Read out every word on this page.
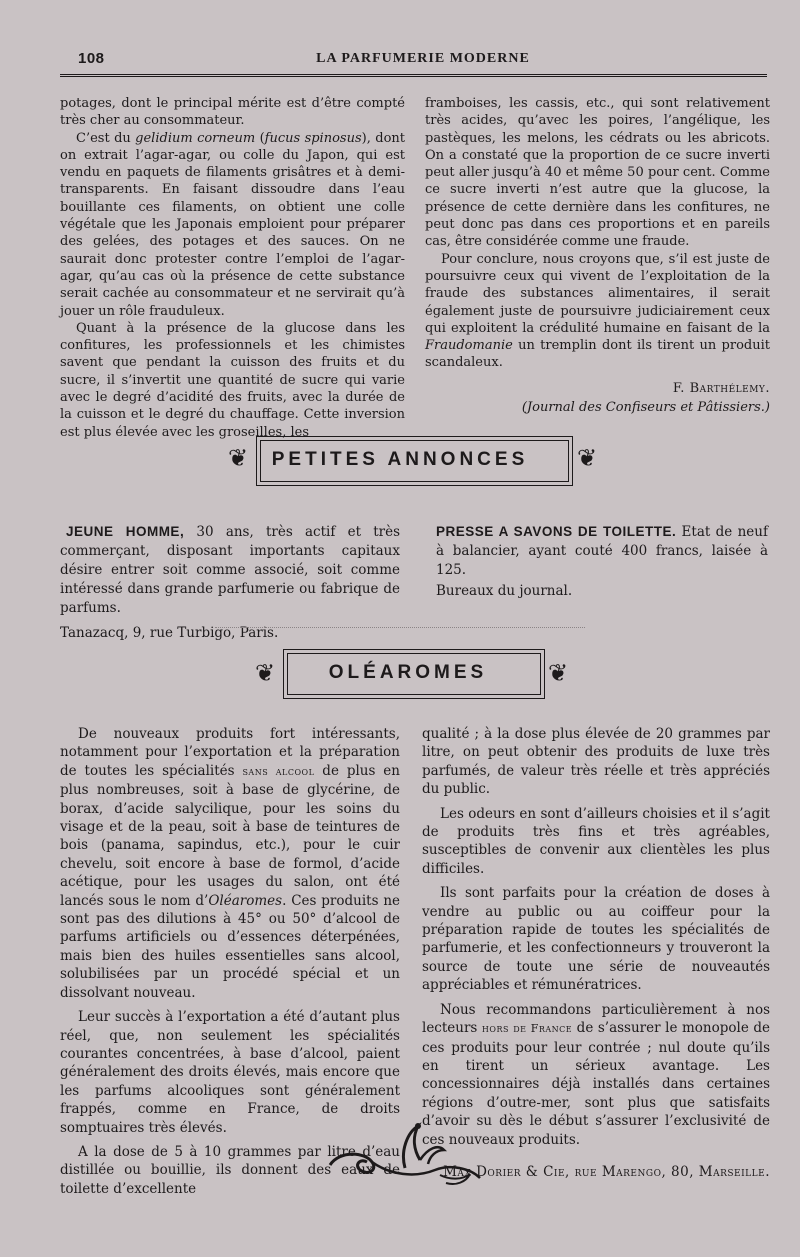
108	LA PARFUMERIE MODERNE

potages, dont le principal mérite est d’être compté très cher au consommateur.

C’est du gelidium corneum (fucus spinosus), dont on extrait l’agar-agar, ou colle du Japon, qui est vendu en paquets de filaments grisâtres et à demi-transparents. En faisant dissoudre dans l’eau bouillante ces filaments, on obtient une colle végétale que les Japonais emploient pour préparer des gelées, des potages et des sauces. On ne saurait donc protester contre l’emploi de l’agar-agar, qu’au cas où la présence de cette substance serait cachée au consommateur et ne servirait qu’à jouer un rôle frauduleux.

Quant à la présence de la glucose dans les confitures, les professionnels et les chimistes savent que pendant la cuisson des fruits et du sucre, il s’invertit une quantité de sucre qui varie avec le degré d’acidité des fruits, avec la durée de la cuisson et le degré du chauffage. Cette inversion est plus élevée avec les groseilles, les

framboises, les cassis, etc., qui sont relativement très acides, qu’avec les poires, l’angélique, les pastèques, les melons, les cédrats ou les abricots. On a constaté que la proportion de ce sucre inverti peut aller jusqu’à 40 et même 50 pour cent. Comme ce sucre inverti n’est autre que la glucose, la présence de cette dernière dans les confitures, ne peut donc pas dans ces proportions et en pareils cas, être considérée comme une fraude.

Pour conclure, nous croyons que, s’il est juste de poursuivre ceux qui vivent de l’exploitation de la fraude des substances alimentaires, il serait également juste de poursuivre judiciairement ceux qui exploitent la crédulité humaine en faisant de la Fraudomanie un tremplin dont ils tirent un produit scandaleux.

F. Barthélemy.

(Journal des Confiseurs et Pâtissiers.)

❦	PETITES ANNONCES	❦

JEUNE HOMME, 30 ans, très actif et très commerçant, disposant importants capitaux désire entrer soit comme associé, soit comme intéressé dans grande parfumerie ou fabrique de parfums.

Tanazacq, 9, rue Turbigo, Paris.

PRESSE A SAVONS DE TOILETTE. Etat de neuf à balancier, ayant couté 400 francs, laisée à 125.

Bureaux du journal.

❦	OLÉAROMES	❦

De nouveaux produits fort intéressants, notamment pour l’exportation et la préparation de toutes les spécialités sans alcool de plus en plus nombreuses, soit à base de glycérine, de borax, d’acide salycilique, pour les soins du visage et de la peau, soit à base de teintures de bois (panama, sapindus, etc.), pour le cuir chevelu, soit encore à base de formol, d’acide acétique, pour les usages du salon, ont été lancés sous le nom d’Oléaromes. Ces produits ne sont pas des dilutions à 45° ou 50° d’alcool de parfums artificiels ou d’essences déterpénées, mais bien des huiles essentielles sans alcool, solubilisées par un procédé spécial et un dissolvant nouveau.

Leur succès à l’exportation a été d’autant plus réel, que, non seulement les spécialités courantes concentrées, à base d’alcool, paient généralement des droits élevés, mais encore que les parfums alcooliques sont généralement frappés, comme en France, de droits somptuaires très élevés.

A la dose de 5 à 10 grammes par litre d’eau distillée ou bouillie, ils donnent des eaux de toilette d’excellente

qualité ; à la dose plus élevée de 20 grammes par litre, on peut obtenir des produits de luxe très parfumés, de valeur très réelle et très appréciés du public.

Les odeurs en sont d’ailleurs choisies et il s’agit de produits très fins et très agréables, susceptibles de convenir aux clientèles les plus difficiles.

Ils sont parfaits pour la création de doses à vendre au public ou au coiffeur pour la préparation rapide de toutes les spécialités de parfumerie, et les confectionneurs y trouveront la source de toute une série de nouveautés appréciables et rémunératrices.

Nous recommandons particulièrement à nos lecteurs hors de France de s’assurer le monopole de ces produits pour leur contrée ; nul doute qu’ils en tirent un sérieux avantage. Les concessionnaires déjà installés dans certaines régions d’outre-mer, sont plus que satisfaits d’avoir su dès le début s’assurer l’exclusivité de ces nouveaux produits.

Max Dorier & Cie, rue Marengo, 80, Marseille.
